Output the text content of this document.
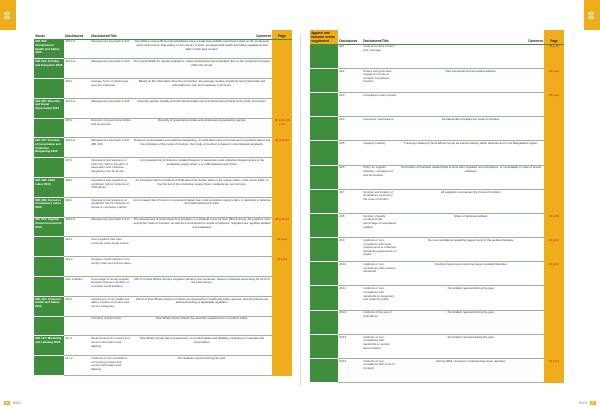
05	05
Social	Disclosures	Disclosures/Title	Comment	Page
GRI 403: Occupational Health and Safety 2016	103-1/2	Management Approach & 403	Now Where Group AB and all subsidiaries have a legal responsibility and direct impact on the employees' work environment. Depending on the country of work, we adopt local health and safety regulations and laws in their best context.	
GRI 404: Training and Education 2016	103-1/2	Management Approach & 404	The responsibility for regular evaluation, career development and education lies on the respective company within the Group.	
	404-1	Average hours of training per year per employee	Based on the information from the companies, the average number of training hours (internally and externally) per year and employee is 12 hours.	
GRI 405: Diversity and Equal Opportunity 2016	103-1/2	Management Approach & 405	Diversity, gender equality and anti-discrimination are a fundamental principle of the Code of Conduct.	
	405-1	Diversity of governance bodies and employees	Diversity of governance bodies and employees presented by gender.	30 p.34, 66 p.44
GRI 407: Freedom of Association and Collective Bargaining 2016	103-1/2	Management Approach & 407, 408, 409	Freedom of association and collective bargaining, no child labour and no forced and compulsory labour are the principles of the Code of Conduct. Our Code of Conduct is based on international standards.	36 p.26-27
	407-1	Operations and suppliers in which the right to freedom of association and collective bargaining may be at risk	An increased risk of limited or violated freedom of association and collective bargaining lies in the production supply chain; e.g. in Bangladesh and China.	
GRI 408: Child Labor 2016	408-1	Operations and suppliers at significant risk for incidents of child labour	An increased risk for incidents of child labour lies further down in the supply chain, in the cotton fields. In the first tier of the production supply chain, incidents are not common.	
GRI 409: Forced or Compulsory Labor 2016	409-1	Operations and suppliers at significant risk for incidents of forced or compulsory labour	An increased risk of forced or compulsory labour lies in the production supply chain, in particular in factories and subcontractors in Asia.	
GRI 414: Supplier Social Assessment 2016	103-1/2	Management Approach & 414	The assessment of social aspects of suppliers is a strategic issue for Now Where Group. All suppliers must accept the Code of Conduct, as well as a commitment to social compliance. Suppliers are regularly audited and evaluated.	36 p.26-27
	414-1	New suppliers that were screened using social criteria		32 p.24
	414-2	Negative social impacts in the supply chain and actions taken		32 p.24
	Own indicator	Percentage of Group supplier factories that are members of a verified social initiative	100 % of Now Where Group's suppliers (all tiers) are monitored, based on factories accounting for 90 % of the total volume.	
GRI 416: Customer Health and Safety 2016	416-1	Assessment of the health and safety impacts of product and service categories	100 % of Now Where Group's products are assessed for health and safety aspects, and all products are tested according to applicable regulation.	
		Voluntary requirements	Now Where Group follows the voluntary requirements on product safety.	
GRI 417: Marketing and Labeling 2016	417-1	Requirements for product and service information and labeling	Now Where Group has a requirement: on product labels and labelling, including for materials and composition.	
	417-2	Incidents of non-compliance concerning product and service information and labeling	No incidents reported during the year.	
Apparel and footwear sector supplement	Disclosures	Disclosures/Title	Comment	Page
	AF1	Code of conduct content and coverage		26 p.20
	AF2	Parties and personnel engaged in Code of Conduct compliance function	Own personnel and accredited auditors.	26 p.20
	AF3	Compliance audit process		26 p.20
	AF4	Grievance mechanisms	Fundamental principles are Code of Conduct.	
	AF5	Capacity building	Trainings initiated by Now Where Group as well as training within factories and in the Bangladesh region.	
	AF6	Policy for supplier selection, management and termination	Termination of business relationships is done after repeated non-compliance, or immediately in case of severe violations.	
	AF7	Number and location of workplaces covered by the code of conduct	All suppliers must accept the Code of Conduct.	
	AF8	Number of audits conducted and percentage of workplaces audited	Share of factories audited.	30 p.25
	AF9	Incidents of non-compliance with legal requirements or collective bargaining agreements on wages	No non-compliance regarding wages found in the audited factories.	32 p.24
	AF10	Incidents of non-compliance with overtime standards	Overtime hours are a recurring issue in audited factories.	32 p.24
	AF11	Incidents of non-compliance with standards on pregnancy and maternity rights	No incident reported during the year.	
	AF12	Incidents of the use of child labour	No incident reported during the year.	
	AF13	Incidents of non-compliance with standards on gender discrimination	No incident reported during the year.	
	AF14	Incidents of non-compliance with Code of Conduct	During 2019, no severe incidents have been reported.	32 p.24
56 NWG	NWG 57
